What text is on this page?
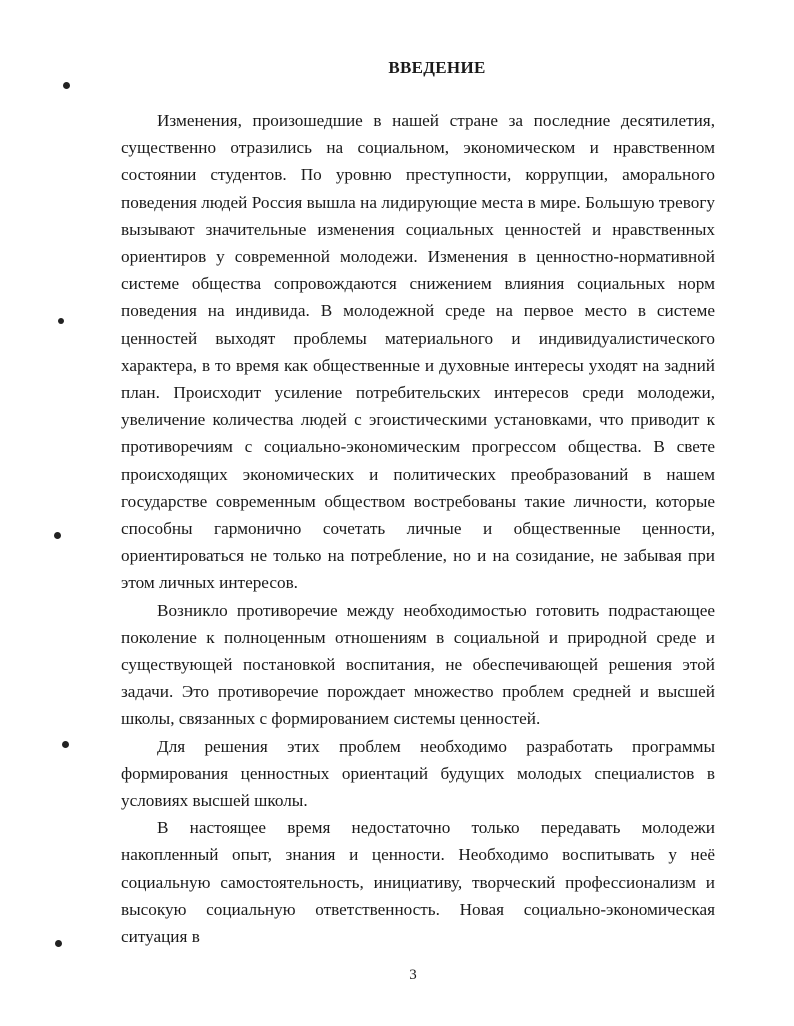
ВВЕДЕНИЕ

Изменения, произошедшие в нашей стране за последние десятилетия, существенно отразились на социальном, экономическом и нравственном состоянии студентов. По уровню преступности, коррупции, аморального поведения людей Россия вышла на лидирующие места в мире. Большую тревогу вызывают значительные изменения социальных ценностей и нравственных ориентиров у современной молодежи. Изменения в ценностно-нормативной системе общества сопровождаются снижением влияния социальных норм поведения на индивида. В молодежной среде на первое место в системе ценностей выходят проблемы материального и индивидуалистического характера, в то время как общественные и духовные интересы уходят на задний план. Происходит усиление потребительских интересов среди молодежи, увеличение количества людей с эгоистическими установками, что приводит к противоречиям с социально-экономическим прогрессом общества. В свете происходящих экономических и политических преобразований в нашем государстве современным обществом востребованы такие личности, которые способны гармонично сочетать личные и общественные ценности, ориентироваться не только на потребление, но и на созидание, не забывая при этом личных интересов.

Возникло противоречие между необходимостью готовить подрастающее поколение к полноценным отношениям в социальной и природной среде и существующей постановкой воспитания, не обеспечивающей решения этой задачи. Это противоречие порождает множество проблем средней и высшей школы, связанных с формированием системы ценностей.

Для решения этих проблем необходимо разработать программы формирования ценностных ориентаций будущих молодых специалистов в условиях высшей школы.

В настоящее время недостаточно только передавать молодежи накопленный опыт, знания и ценности. Необходимо воспитывать у неё социальную самостоятельность, инициативу, творческий профессионализм и высокую социальную ответственность. Новая социально-экономическая ситуация в

3
